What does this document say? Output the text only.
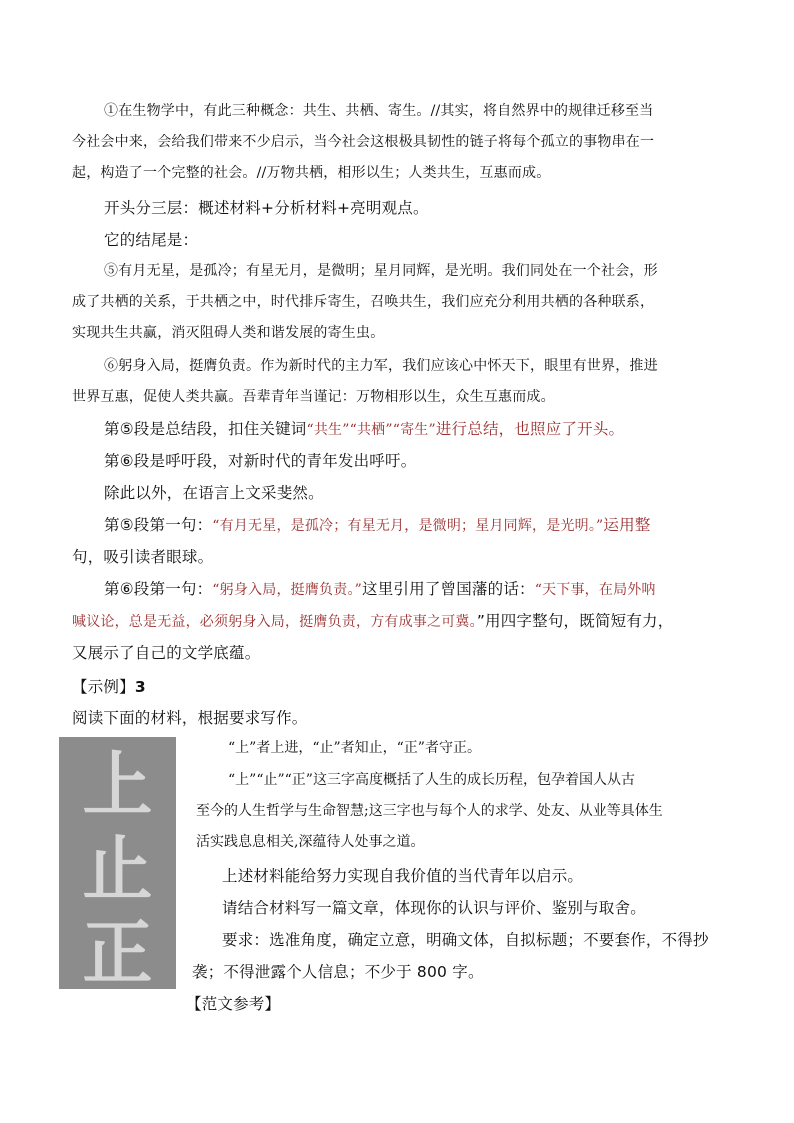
①在生物学中，有此三种概念：共生、共栖、寄生。//其实，将自然界中的规律迁移至当
今社会中来，会给我们带来不少启示，当今社会这根极具韧性的链子将每个孤立的事物串在一
起，构造了一个完整的社会。//万物共栖，相形以生；人类共生，互惠而成。
开头分三层：概述材料+分析材料+亮明观点。
它的结尾是：
⑤有月无星，是孤冷；有星无月，是微明；星月同辉，是光明。我们同处在一个社会，形
成了共栖的关系，于共栖之中，时代排斥寄生，召唤共生，我们应充分利用共栖的各种联系，
实现共生共赢，消灭阻碍人类和谐发展的寄生虫。
⑥躬身入局，挺膺负责。作为新时代的主力军，我们应该心中怀天下，眼里有世界，推进
世界互惠，促使人类共赢。吾辈青年当谨记：万物相形以生，众生互惠而成。
第⑤段是总结段，扣住关键词“共生”“共栖”“寄生”进行总结，也照应了开头。
第⑥段是呼吁段，对新时代的青年发出呼吁。
除此以外，在语言上文采斐然。
第⑤段第一句：“有月无星，是孤冷；有星无月，是微明；星月同辉，是光明。”运用整
句，吸引读者眼球。
第⑥段第一句：“躬身入局，挺膺负责。”这里引用了曾国藩的话：“天下事，在局外呐
喊议论，总是无益，必须躬身入局，挺膺负责，方有成事之可冀。”用四字整句，既简短有力，
又展示了自己的文学底蕴。
【示例】3
阅读下面的材料，根据要求写作。
上
止
正
“上”者上进，“止”者知止，“正”者守正。
“上”“止”“正”这三字高度概括了人生的成长历程，包孕着国人从古
至今的人生哲学与生命智慧;这三字也与每个人的求学、处友、从业等具体生
活实践息息相关,深蕴待人处事之道。
上述材料能给努力实现自我价值的当代青年以启示。
请结合材料写一篇文章，体现你的认识与评价、鉴别与取舍。
要求：选准角度，确定立意，明确文体，自拟标题；不要套作，不得抄
袭；不得泄露个人信息；不少于 800 字。
【范文参考】
